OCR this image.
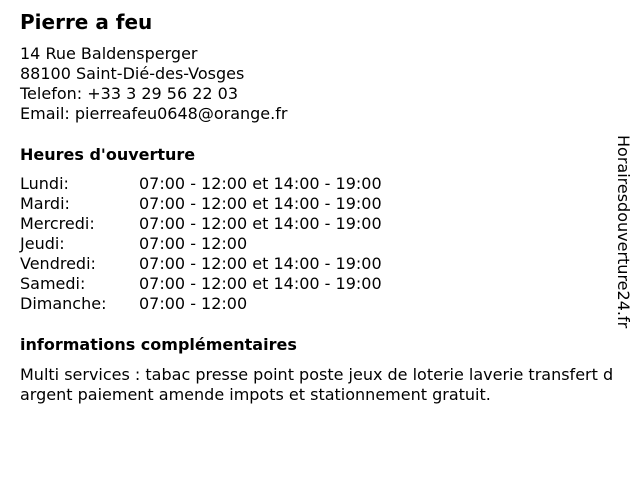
Pierre a feu
14 Rue Baldensperger
88100 Saint-Dié-des-Vosges
Telefon: +33 3 29 56 22 03
Email: pierreafeu0648@orange.fr
Heures d'ouverture
Lundi:	07:00 - 12:00 et 14:00 - 19:00
Mardi:	07:00 - 12:00 et 14:00 - 19:00
Mercredi:	07:00 - 12:00 et 14:00 - 19:00
Jeudi:	07:00 - 12:00
Vendredi:	07:00 - 12:00 et 14:00 - 19:00
Samedi:	07:00 - 12:00 et 14:00 - 19:00
Dimanche: 07:00 - 12:00
informations complémentaires
Multi services : tabac presse point poste jeux de loterie laverie transfert d argent paiement amende impots et stationnement gratuit.
Horairesdouverture24.fr
